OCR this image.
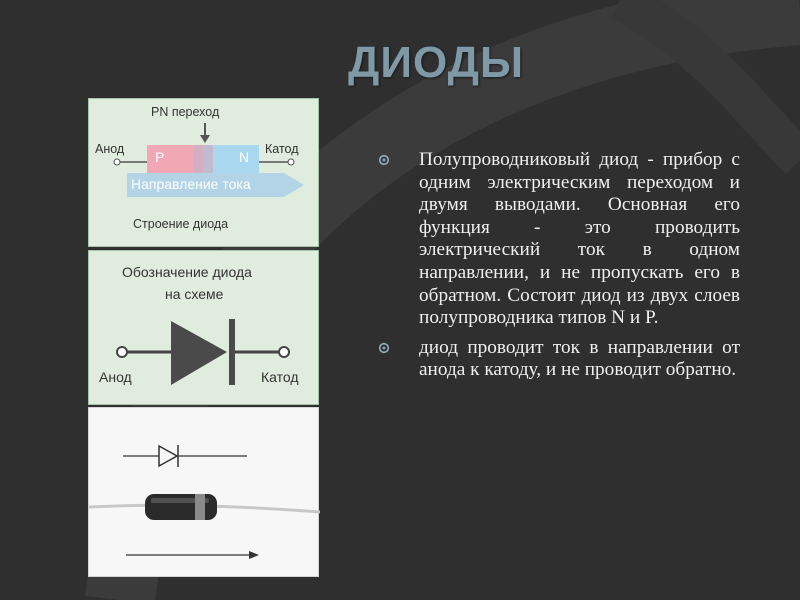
ДИОДЫ
PN переход
Анод	Катод
P	N
Направление тока
Строение диода
Обозначение диода
на схеме
Анод	Катод
Полупроводниковый диод - прибор с одним электрическим переходом и двумя выводами. Основная его функция - это проводить электрический ток в одном направлении, и не пропускать его в обратном. Состоит диод из двух слоев полупроводника типов N и P.
диод проводит ток в направлении от анода к катоду, и не проводит обратно.
